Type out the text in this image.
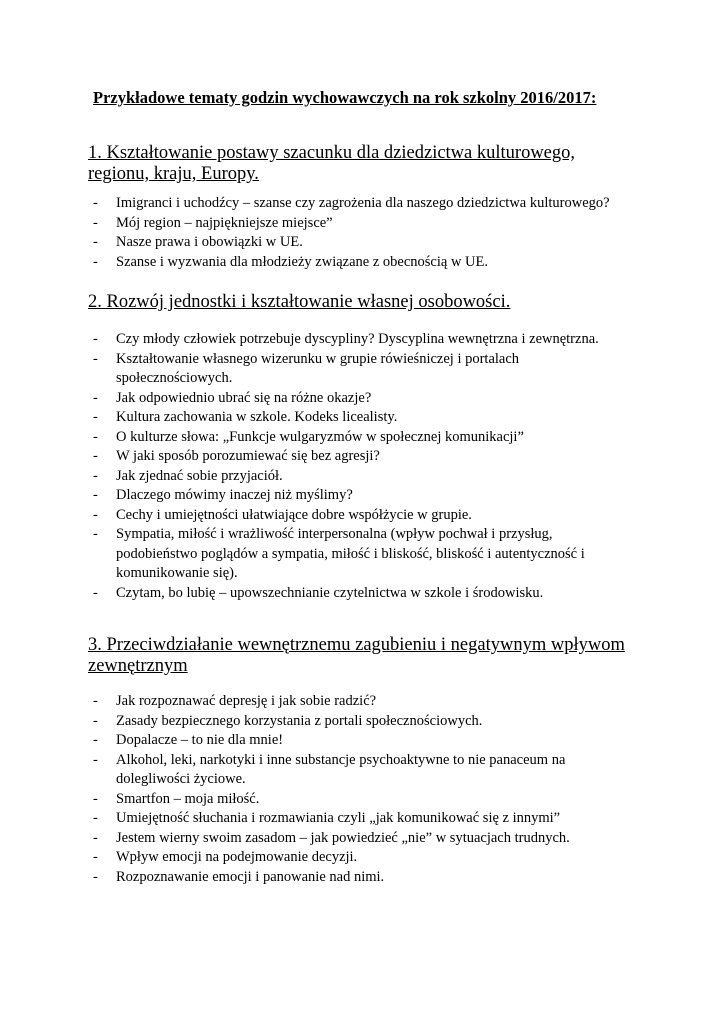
Przykładowe tematy godzin wychowawczych na rok szkolny 2016/2017:
1. Kształtowanie postawy szacunku dla dziedzictwa kulturowego, regionu, kraju, Europy.
- Imigranci i uchodźcy – szanse czy zagrożenia dla naszego dziedzictwa kulturowego?
- Mój region – najpiękniejsze miejsce”
- Nasze prawa i obowiązki w UE.
- Szanse i wyzwania dla młodzieży związane z obecnością w UE.
2. Rozwój jednostki i kształtowanie własnej osobowości.
- Czy młody człowiek potrzebuje dyscypliny? Dyscyplina wewnętrzna i zewnętrzna.
- Kształtowanie własnego wizerunku w grupie rówieśniczej i portalach społecznościowych.
- Jak odpowiednio ubrać się na różne okazje?
- Kultura zachowania w szkole. Kodeks licealisty.
- O kulturze słowa: „Funkcje wulgaryzmów w społecznej komunikacji”
- W jaki sposób porozumiewać się bez agresji?
- Jak zjednać sobie przyjaciół.
- Dlaczego mówimy inaczej niż myślimy?
- Cechy i umiejętności ułatwiające dobre współżycie w grupie.
- Sympatia, miłość i wrażliwość interpersonalna (wpływ pochwał i przysług, podobieństwo poglądów a sympatia, miłość i bliskość, bliskość i autentyczność i komunikowanie się).
- Czytam, bo lubię – upowszechnianie czytelnictwa w szkole i środowisku.
3. Przeciwdziałanie wewnętrznemu zagubieniu i negatywnym wpływom zewnętrznym
- Jak rozpoznawać depresję i jak sobie radzić?
- Zasady bezpiecznego korzystania z portali społecznościowych.
- Dopalacze – to nie dla mnie!
- Alkohol, leki, narkotyki i inne substancje psychoaktywne to nie panaceum na dolegliwości życiowe.
- Smartfon – moja miłość.
- Umiejętność słuchania i rozmawiania czyli „jak komunikować się z innymi”
- Jestem wierny swoim zasadom – jak powiedzieć „nie” w sytuacjach trudnych.
- Wpływ emocji na podejmowanie decyzji.
- Rozpoznawanie emocji i panowanie nad nimi.
